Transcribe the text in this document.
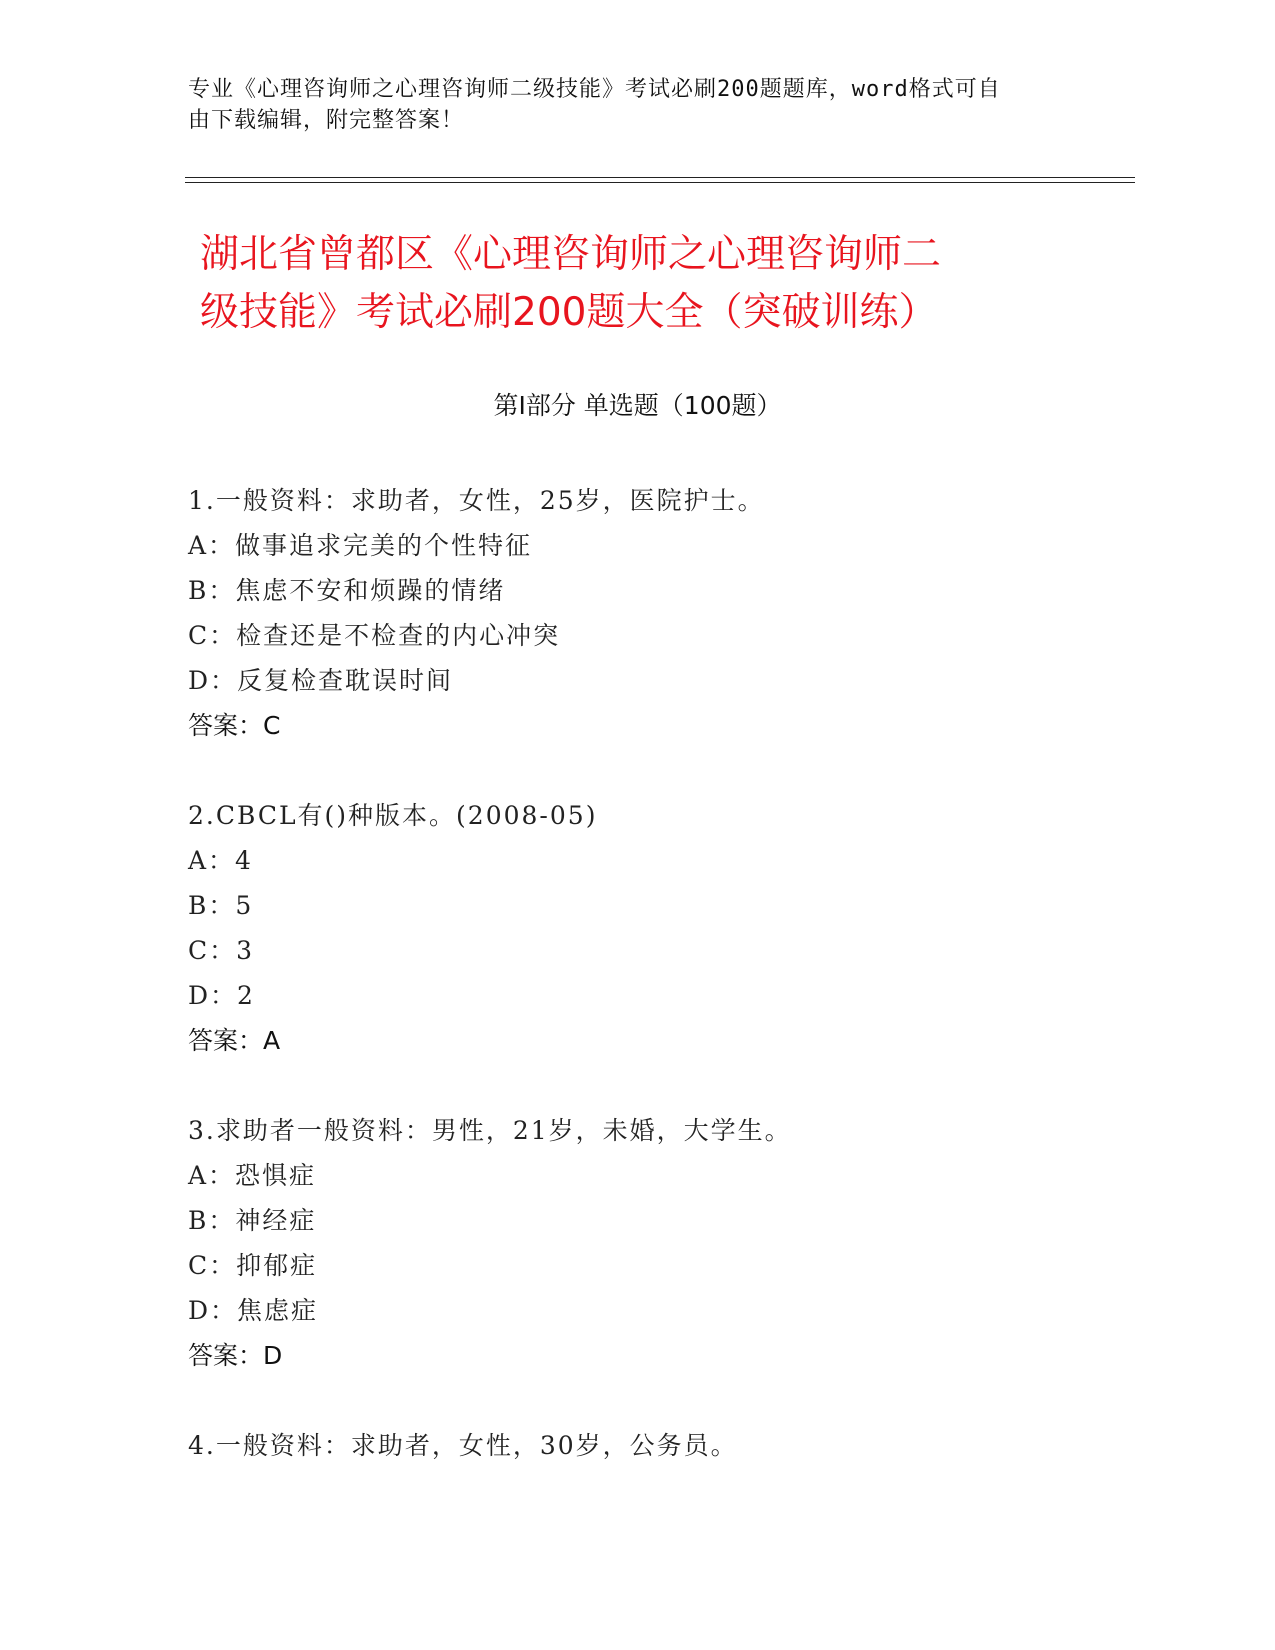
专业《心理咨询师之心理咨询师二级技能》考试必刷200题题库，word格式可自
由下载编辑，附完整答案！
湖北省曾都区《心理咨询师之心理咨询师二
级技能》考试必刷200题大全（突破训练）
第Ⅰ部分 单选题（100题）
1.一般资料：求助者，女性，25岁，医院护士。
A：做事追求完美的个性特征
B：焦虑不安和烦躁的情绪
C：检查还是不检查的内心冲突
D：反复检查耽误时间
答案：C
2.CBCL有()种版本。(2008-05)
A：4
B：5
C：3
D：2
答案：A
3.求助者一般资料：男性，21岁，未婚，大学生。
A：恐惧症
B：神经症
C：抑郁症
D：焦虑症
答案：D
4.一般资料：求助者，女性，30岁，公务员。
